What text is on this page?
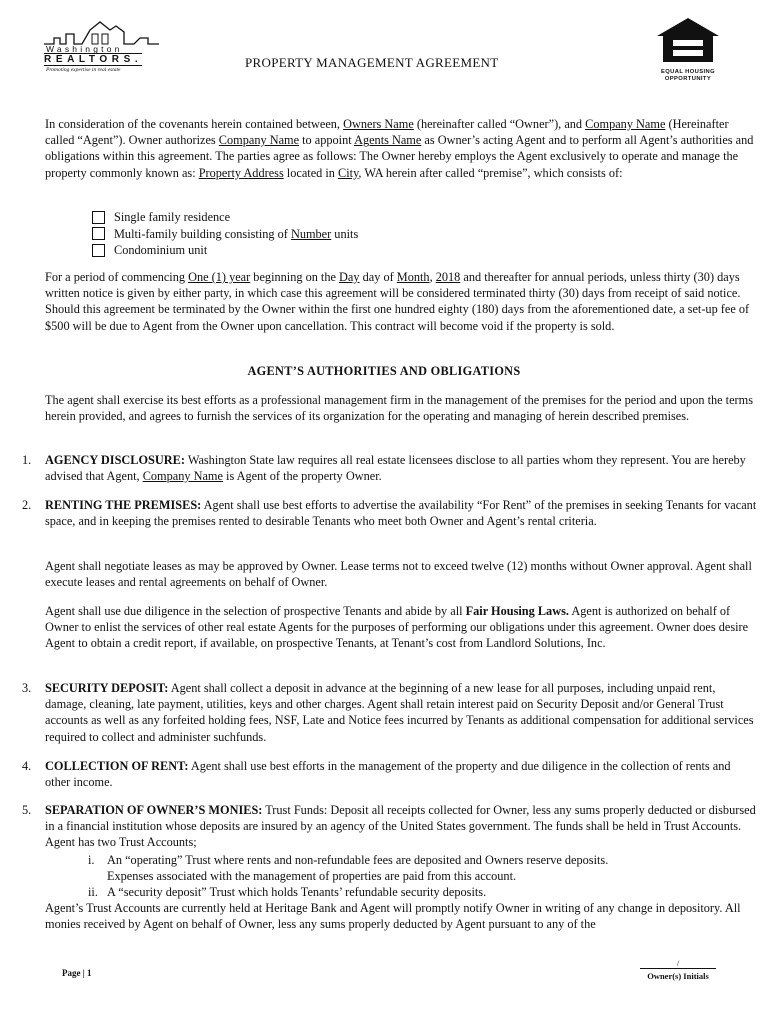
Washington
REALTORS.
Promoting expertise in real estate	PROPERTY MANAGEMENT AGREEMENT
EQUAL HOUSING
OPPORTUNITY
In consideration of the covenants herein contained between, Owners Name (hereinafter called “Owner”), and Company Name (Hereinafter called “Agent”). Owner authorizes Company Name to appoint Agents Name as Owner’s acting Agent and to perform all Agent’s authorities and obligations within this agreement. The parties agree as follows: The Owner hereby employs the Agent exclusively to operate and manage the property commonly known as: Property Address located in City, WA herein after called “premise”, which consists of:
Single family residence
Multi-family building consisting of Number units
Condominium unit
For a period of commencing One (1) year beginning on the Day day of Month, 2018 and thereafter for annual periods, unless thirty (30) days written notice is given by either party, in which case this agreement will be considered terminated thirty (30) days from receipt of said notice. Should this agreement be terminated by the Owner within the first one hundred eighty (180) days from the aforementioned date, a set-up fee of $500 will be due to Agent from the Owner upon cancellation. This contract will become void if the property is sold.
AGENT’S AUTHORITIES AND OBLIGATIONS
The agent shall exercise its best efforts as a professional management firm in the management of the premises for the period and upon the terms herein provided, and agrees to furnish the services of its organization for the operating and managing of herein described premises.
1. AGENCY DISCLOSURE: Washington State law requires all real estate licensees disclose to all parties whom they represent. You are hereby advised that Agent, Company Name is Agent of the property Owner.
2. RENTING THE PREMISES: Agent shall use best efforts to advertise the availability “For Rent” of the premises in seeking Tenants for vacant space, and in keeping the premises rented to desirable Tenants who meet both Owner and Agent’s rental criteria.
Agent shall negotiate leases as may be approved by Owner. Lease terms not to exceed twelve (12) months without Owner approval. Agent shall execute leases and rental agreements on behalf of Owner.
Agent shall use due diligence in the selection of prospective Tenants and abide by all Fair Housing Laws. Agent is authorized on behalf of Owner to enlist the services of other real estate Agents for the purposes of performing our obligations under this agreement. Owner does desire Agent to obtain a credit report, if available, on prospective Tenants, at Tenant’s cost from Landlord Solutions, Inc.
3. SECURITY DEPOSIT: Agent shall collect a deposit in advance at the beginning of a new lease for all purposes, including unpaid rent, damage, cleaning, late payment, utilities, keys and other charges. Agent shall retain interest paid on Security Deposit and/or General Trust accounts as well as any forfeited holding fees, NSF, Late and Notice fees incurred by Tenants as additional compensation for additional services required to collect and administer suchfunds.
4. COLLECTION OF RENT: Agent shall use best efforts in the management of the property and due diligence in the collection of rents and other income.
5. SEPARATION OF OWNER’S MONIES: Trust Funds: Deposit all receipts collected for Owner, less any sums properly deducted or disbursed in a financial institution whose deposits are insured by an agency of the United States government. The funds shall be held in Trust Accounts. Agent has two Trust Accounts;
i. An “operating” Trust where rents and non-refundable fees are deposited and Owners reserve deposits.
Expenses associated with the management of properties are paid from this account.
ii. A “security deposit” Trust which holds Tenants’ refundable security deposits.
Agent’s Trust Accounts are currently held at Heritage Bank and Agent will promptly notify Owner in writing of any change in depository. All monies received by Agent on behalf of Owner, less any sums properly deducted by Agent pursuant to any of the
Page | 1
/
Owner(s) Initials
